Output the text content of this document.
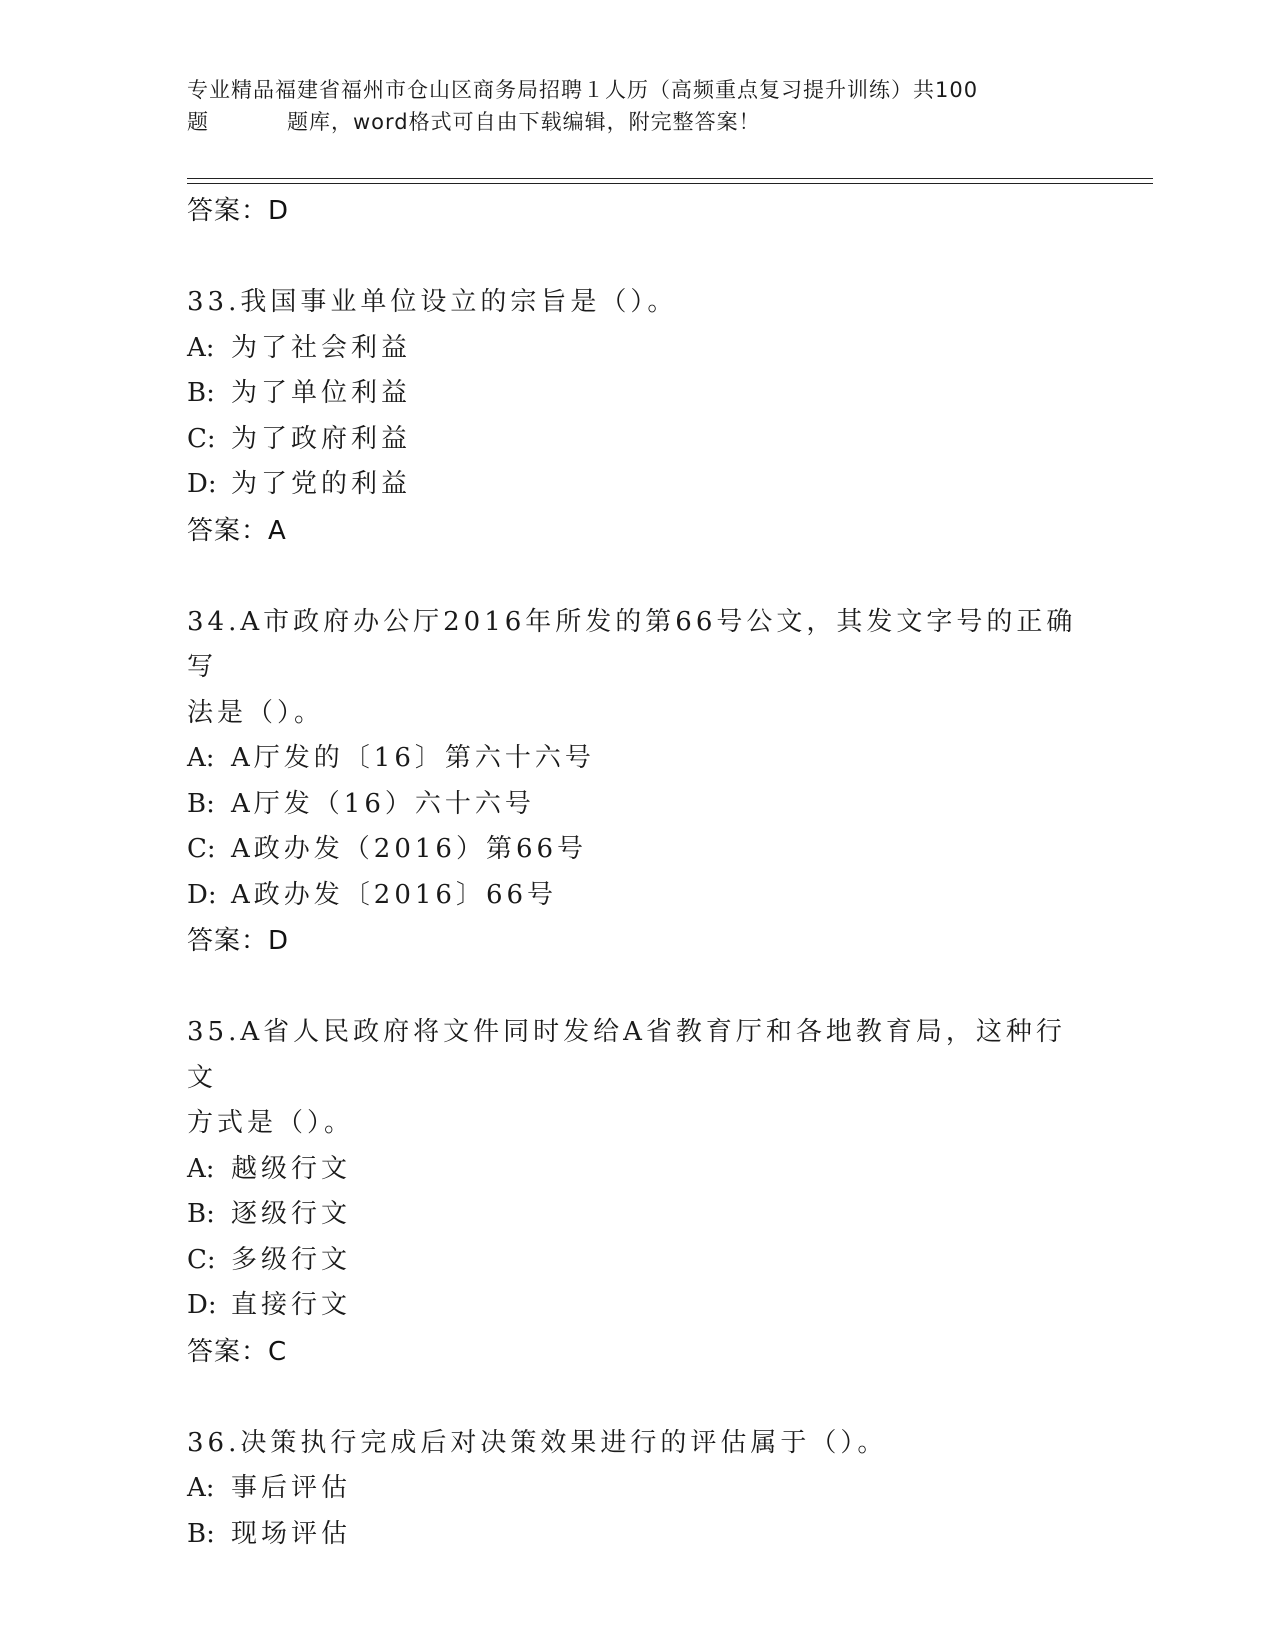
专业精品福建省福州市仓山区商务局招聘１人历（高频重点复习提升训练）共100
题	题库，word格式可自由下载编辑，附完整答案！
答案：D
33.我国事业单位设立的宗旨是（）。
A: 为了社会利益
B: 为了单位利益
C: 为了政府利益
D: 为了党的利益
答案：A
34.A市政府办公厅2016年所发的第66号公文，其发文字号的正确写
法是（）。
A: A厅发的〔16〕第六十六号
B: A厅发（16）六十六号
C: A政办发（2016）第66号
D: A政办发〔2016〕66号
答案：D
35.A省人民政府将文件同时发给A省教育厅和各地教育局，这种行文
方式是（）。
A: 越级行文
B: 逐级行文
C: 多级行文
D: 直接行文
答案：C
36.决策执行完成后对决策效果进行的评估属于（）。
A: 事后评估
B: 现场评估
